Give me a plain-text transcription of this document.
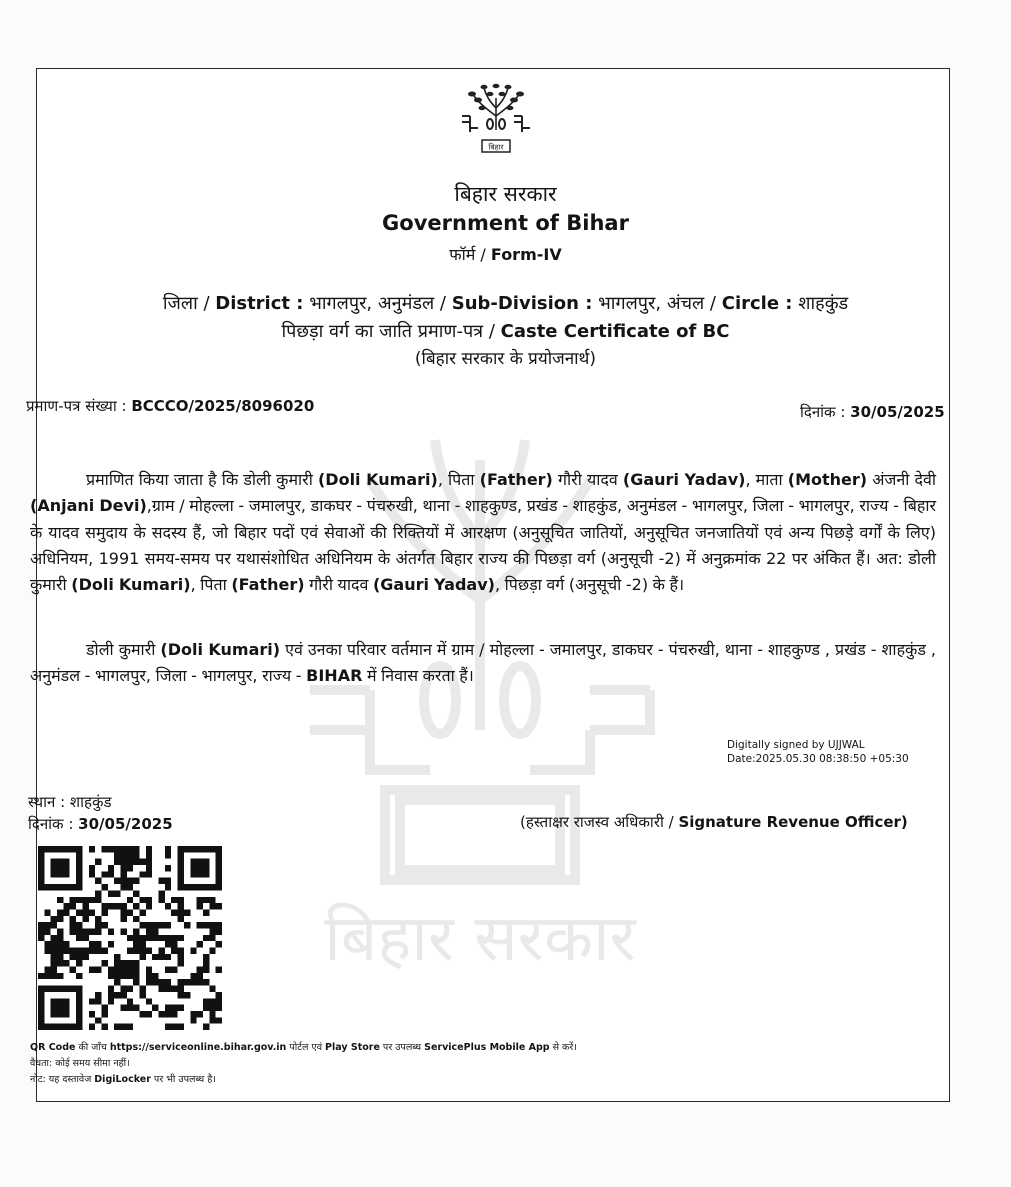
बिहार
बिहार सरकार
Government of Bihar
फॉर्म / Form-IV
जिला / District : भागलपुर, अनुमंडल / Sub-Division : भागलपुर, अंचल / Circle : शाहकुंड
पिछड़ा वर्ग का जाति प्रमाण-पत्र / Caste Certificate of BC
(बिहार सरकार के प्रयोजनार्थ)
प्रमाण-पत्र संख्या : BCCCO/2025/8096020	दिनांक : 30/05/2025
बिहार सरकार
प्रमाणित किया जाता है कि डोली कुमारी (Doli Kumari), पिता (Father) गौरी यादव (Gauri Yadav), माता (Mother) अंजनी देवी (Anjani Devi),ग्राम / मोहल्ला - जमालपुर, डाकघर - पंचरुखी, थाना - शाहकुण्ड, प्रखंड - शाहकुंड, अनुमंडल - भागलपुर, जिला - भागलपुर, राज्य - बिहार के यादव समुदाय के सदस्य हैं, जो बिहार पदों एवं सेवाओं की रिक्तियों में आरक्षण (अनुसूचित जातियों, अनुसूचित जनजातियों एवं अन्य पिछड़े वर्गों के लिए) अधिनियम, 1991 समय-समय पर यथासंशोधित अधिनियम के अंतर्गत बिहार राज्य की पिछड़ा वर्ग (अनुसूची -2) में अनुक्रमांक 22 पर अंकित हैं। अत: डोली कुमारी (Doli Kumari), पिता (Father) गौरी यादव (Gauri Yadav), पिछड़ा वर्ग (अनुसूची -2) के हैं।
डोली कुमारी (Doli Kumari) एवं उनका परिवार वर्तमान में ग्राम / मोहल्ला - जमालपुर, डाकघर - पंचरुखी, थाना - शाहकुण्ड , प्रखंड - शाहकुंड , अनुमंडल - भागलपुर, जिला - भागलपुर, राज्य - BIHAR में निवास करता हैं।
Digitally signed by UJJWAL
Date:2025.05.30 08:38:50 +05:30
स्थान : शाहकुंड
दिनांक : 30/05/2025	(हस्ताक्षर राजस्व अधिकारी / Signature Revenue Officer)
QR Code की जाँच https://serviceonline.bihar.gov.in पोर्टल एवं Play Store पर उपलब्ध ServicePlus Mobile App से करें।
वैधता: कोई समय सीमा नहीं।
नोट: यह दस्तावेज DigiLocker पर भी उपलब्ध है।
